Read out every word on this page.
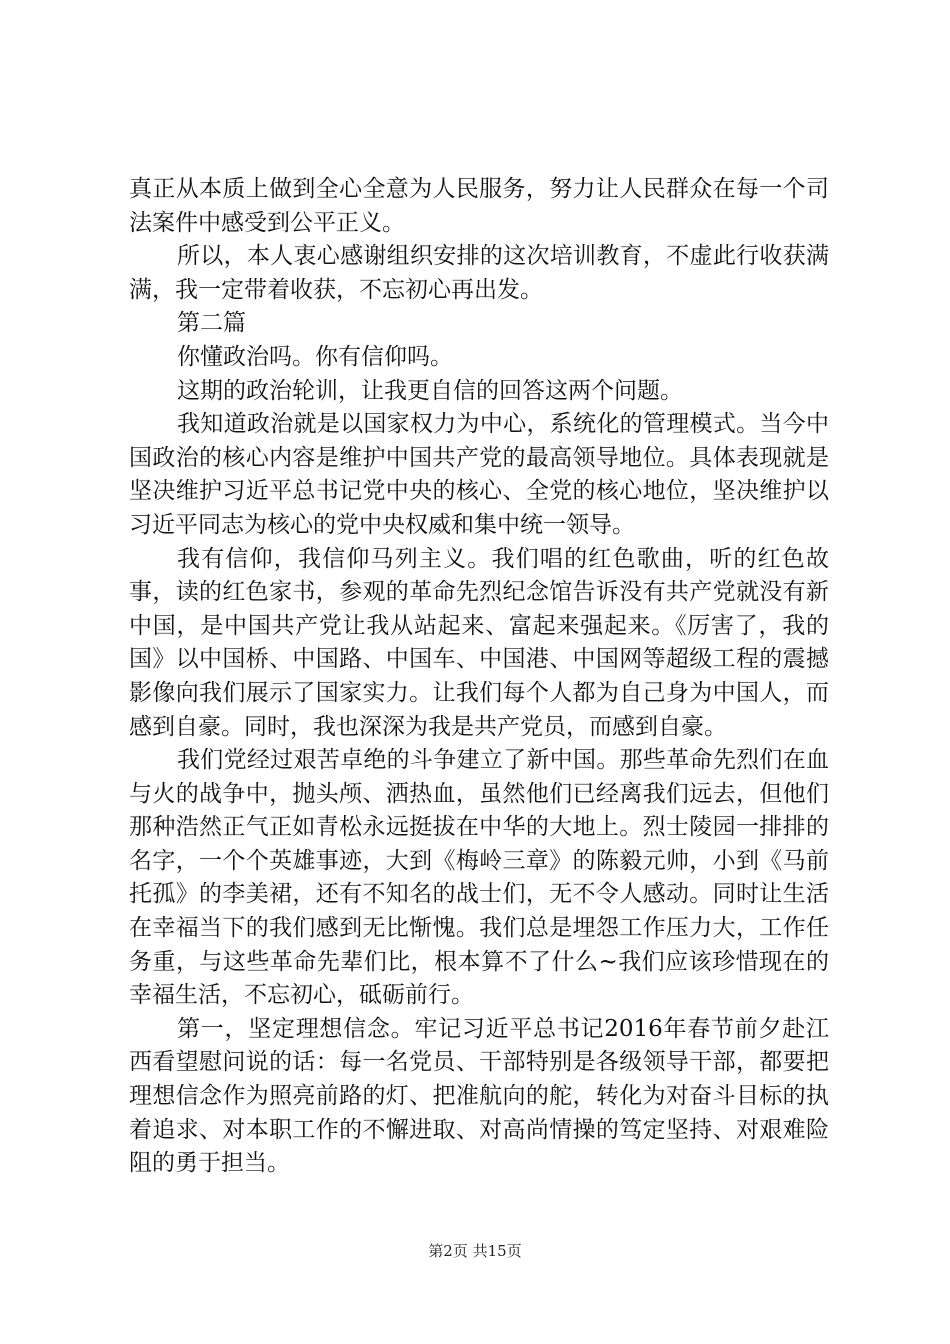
真正从本质上做到全心全意为人民服务，努力让人民群众在每一个司法案件中感受到公平正义。

所以，本人衷心感谢组织安排的这次培训教育，不虚此行收获满满，我一定带着收获，不忘初心再出发。

第二篇

你懂政治吗。你有信仰吗。

这期的政治轮训，让我更自信的回答这两个问题。

我知道政治就是以国家权力为中心，系统化的管理模式。当今中国政治的核心内容是维护中国共产党的最高领导地位。具体表现就是坚决维护习近平总书记党中央的核心、全党的核心地位，坚决维护以习近平同志为核心的党中央权威和集中统一领导。

我有信仰，我信仰马列主义。我们唱的红色歌曲，听的红色故事，读的红色家书，参观的革命先烈纪念馆告诉没有共产党就没有新中国，是中国共产党让我从站起来、富起来强起来。《厉害了，我的国》以中国桥、中国路、中国车、中国港、中国网等超级工程的震撼影像向我们展示了国家实力。让我们每个人都为自己身为中国人，而感到自豪。同时，我也深深为我是共产党员，而感到自豪。

我们党经过艰苦卓绝的斗争建立了新中国。那些革命先烈们在血与火的战争中，抛头颅、洒热血，虽然他们已经离我们远去，但他们那种浩然正气正如青松永远挺拔在中华的大地上。烈士陵园一排排的名字，一个个英雄事迹，大到《梅岭三章》的陈毅元帅，小到《马前托孤》的李美裙，还有不知名的战士们，无不令人感动。同时让生活在幸福当下的我们感到无比惭愧。我们总是埋怨工作压力大，工作任务重，与这些革命先辈们比，根本算不了什么~我们应该珍惜现在的幸福生活，不忘初心，砥砺前行。

第一，坚定理想信念。牢记习近平总书记2016年春节前夕赴江西看望慰问说的话：每一名党员、干部特别是各级领导干部，都要把理想信念作为照亮前路的灯、把准航向的舵，转化为对奋斗目标的执着追求、对本职工作的不懈进取、对高尚情操的笃定坚持、对艰难险阻的勇于担当。

第2页 共15页
